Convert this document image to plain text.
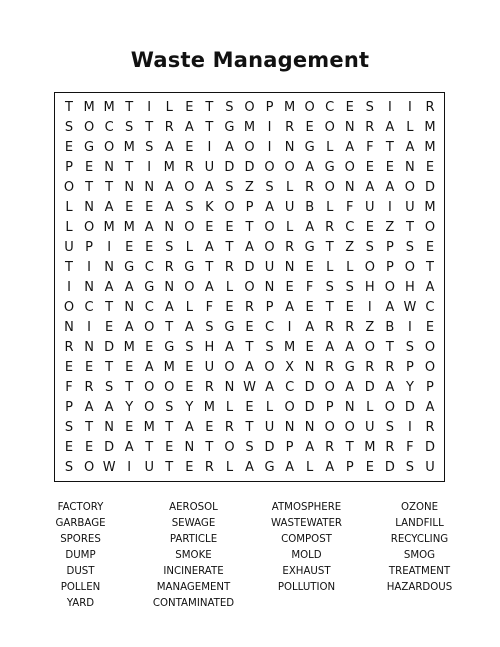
Waste Management
T M M T	I	L E T S O P M O C E S	I	I	R
S O C S T R A T G M I	R E O N R A L M
E G O M S A E	I	A O	I	N G L A F T A M
P E N T	I M R U D D O O A G O E E N E
O T T N N A O A S Z S L R O N A A O D
L N A E E A S K O P A U B L F U	I	U M
L O M M A N O E E T O L A R C E Z T O
U P	I	E E S L A T A O R G T Z S P S E
T	I	N G C R G T R D U N E L L O P O T
I	N A A G N O A L O N E F S S H O H A
O C T N C A L F E R P A E T E	I	A W C
N	I	E A O T A S G E C	I	A R R Z B	I	E
R N D M E G S H A T S M E A A O T S O
E E T E A M E U O A O X N R G R R P O
F R S T O O E R N W A C D O A D A Y P
P A A Y O S Y M L E L O D P N L O D A
S T N E M T A E R T U N N O O U S	I	R
E E D A T E N T O S D P A R T M R F D
S O W I	U T E R L A G A L A P E D S U
FACTORY	AEROSOL	ATMOSPHERE	OZONE
GARBAGE	SEWAGE	WASTEWATER	LANDFILL
SPORES	PARTICLE	COMPOST	RECYCLING
DUMP	SMOKE	MOLD	SMOG
DUST	INCINERATE	EXHAUST	TREATMENT
POLLEN	MANAGEMENT	POLLUTION	HAZARDOUS
YARD	CONTAMINATED
